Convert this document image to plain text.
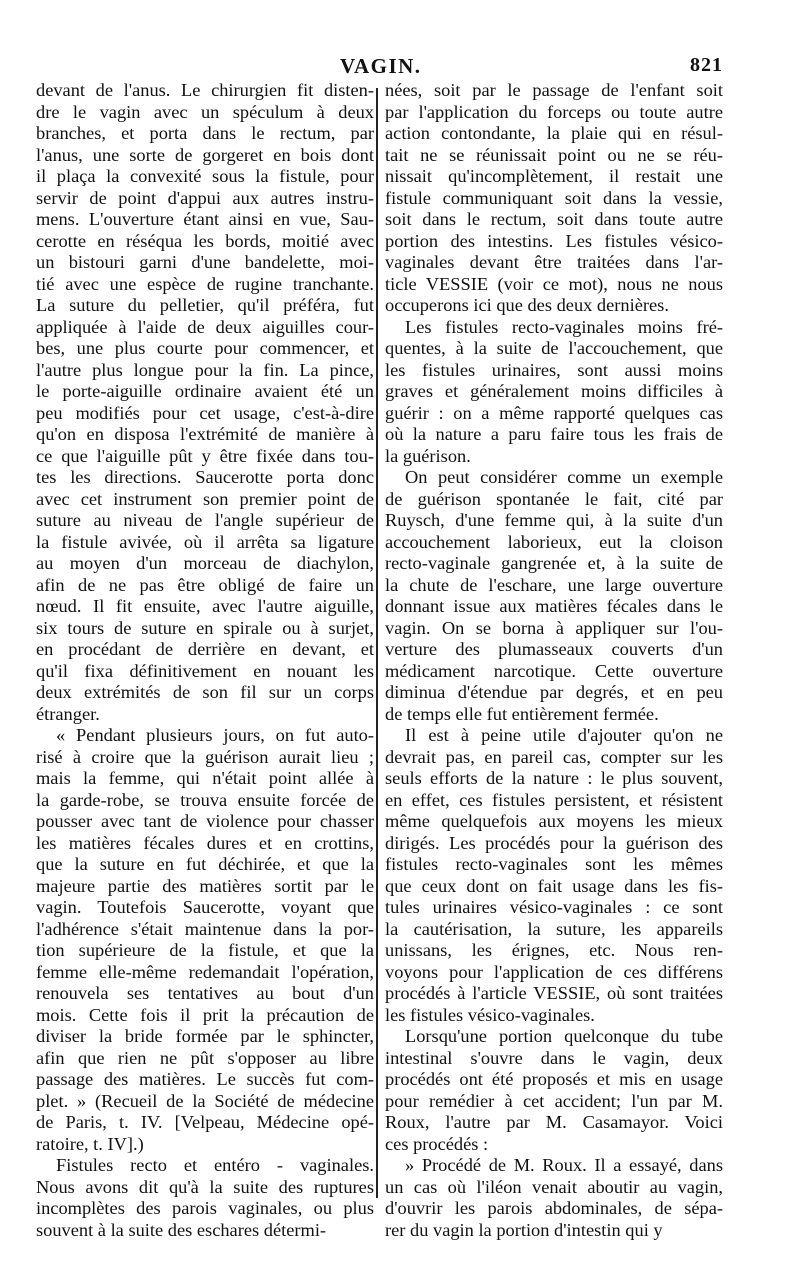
VAGIN.	821
devant de l'anus. Le chirurgien fit disten-
dre le vagin avec un spéculum à deux
branches, et porta dans le rectum, par
l'anus, une sorte de gorgeret en bois dont
il plaça la convexité sous la fistule, pour
servir de point d'appui aux autres instru-
mens. L'ouverture étant ainsi en vue, Sau-
cerotte en réséqua les bords, moitié avec
un bistouri garni d'une bandelette, moi-
tié avec une espèce de rugine tranchante.
La suture du pelletier, qu'il préféra, fut
appliquée à l'aide de deux aiguilles cour-
bes, une plus courte pour commencer, et
l'autre plus longue pour la fin. La pince,
le porte-aiguille ordinaire avaient été un
peu modifiés pour cet usage, c'est-à-dire
qu'on en disposa l'extrémité de manière à
ce que l'aiguille pût y être fixée dans tou-
tes les directions. Saucerotte porta donc
avec cet instrument son premier point de
suture au niveau de l'angle supérieur de
la fistule avivée, où il arrêta sa ligature
au moyen d'un morceau de diachylon,
afin de ne pas être obligé de faire un
nœud. Il fit ensuite, avec l'autre aiguille,
six tours de suture en spirale ou à surjet,
en procédant de derrière en devant, et
qu'il fixa définitivement en nouant les
deux extrémités de son fil sur un corps
étranger.
« Pendant plusieurs jours, on fut auto-
risé à croire que la guérison aurait lieu ;
mais la femme, qui n'était point allée à
la garde-robe, se trouva ensuite forcée de
pousser avec tant de violence pour chasser
les matières fécales dures et en crottins,
que la suture en fut déchirée, et que la
majeure partie des matières sortit par le
vagin. Toutefois Saucerotte, voyant que
l'adhérence s'était maintenue dans la por-
tion supérieure de la fistule, et que la
femme elle-même redemandait l'opération,
renouvela ses tentatives au bout d'un
mois. Cette fois il prit la précaution de
diviser la bride formée par le sphincter,
afin que rien ne pût s'opposer au libre
passage des matières. Le succès fut com-
plet. » (Recueil de la Société de médecine
de Paris, t. IV. [Velpeau, Médecine opé-
ratoire, t. IV].)
Fistules recto et entéro - vaginales.
Nous avons dit qu'à la suite des ruptures
incomplètes des parois vaginales, ou plus
souvent à la suite des eschares détermi-
nées, soit par le passage de l'enfant soit
par l'application du forceps ou toute autre
action contondante, la plaie qui en résul-
tait ne se réunissait point ou ne se réu-
nissait qu'incomplètement, il restait une
fistule communiquant soit dans la vessie,
soit dans le rectum, soit dans toute autre
portion des intestins. Les fistules vésico-
vaginales devant être traitées dans l'ar-
ticle VESSIE (voir ce mot), nous ne nous
occuperons ici que des deux dernières.
Les fistules recto-vaginales moins fré-
quentes, à la suite de l'accouchement, que
les fistules urinaires, sont aussi moins
graves et généralement moins difficiles à
guérir : on a même rapporté quelques cas
où la nature a paru faire tous les frais de
la guérison.
On peut considérer comme un exemple
de guérison spontanée le fait, cité par
Ruysch, d'une femme qui, à la suite d'un
accouchement laborieux, eut la cloison
recto-vaginale gangrenée et, à la suite de
la chute de l'eschare, une large ouverture
donnant issue aux matières fécales dans le
vagin. On se borna à appliquer sur l'ou-
verture des plumasseaux couverts d'un
médicament narcotique. Cette ouverture
diminua d'étendue par degrés, et en peu
de temps elle fut entièrement fermée.
Il est à peine utile d'ajouter qu'on ne
devrait pas, en pareil cas, compter sur les
seuls efforts de la nature : le plus souvent,
en effet, ces fistules persistent, et résistent
même quelquefois aux moyens les mieux
dirigés. Les procédés pour la guérison des
fistules recto-vaginales sont les mêmes
que ceux dont on fait usage dans les fis-
tules urinaires vésico-vaginales : ce sont
la cautérisation, la suture, les appareils
unissans, les érignes, etc. Nous ren-
voyons pour l'application de ces différens
procédés à l'article VESSIE, où sont traitées
les fistules vésico-vaginales.
Lorsqu'une portion quelconque du tube
intestinal s'ouvre dans le vagin, deux
procédés ont été proposés et mis en usage
pour remédier à cet accident; l'un par M.
Roux, l'autre par M. Casamayor. Voici
ces procédés :
» Procédé de M. Roux. Il a essayé, dans
un cas où l'iléon venait aboutir au vagin,
d'ouvrir les parois abdominales, de sépa-
rer du vagin la portion d'intestin qui y
